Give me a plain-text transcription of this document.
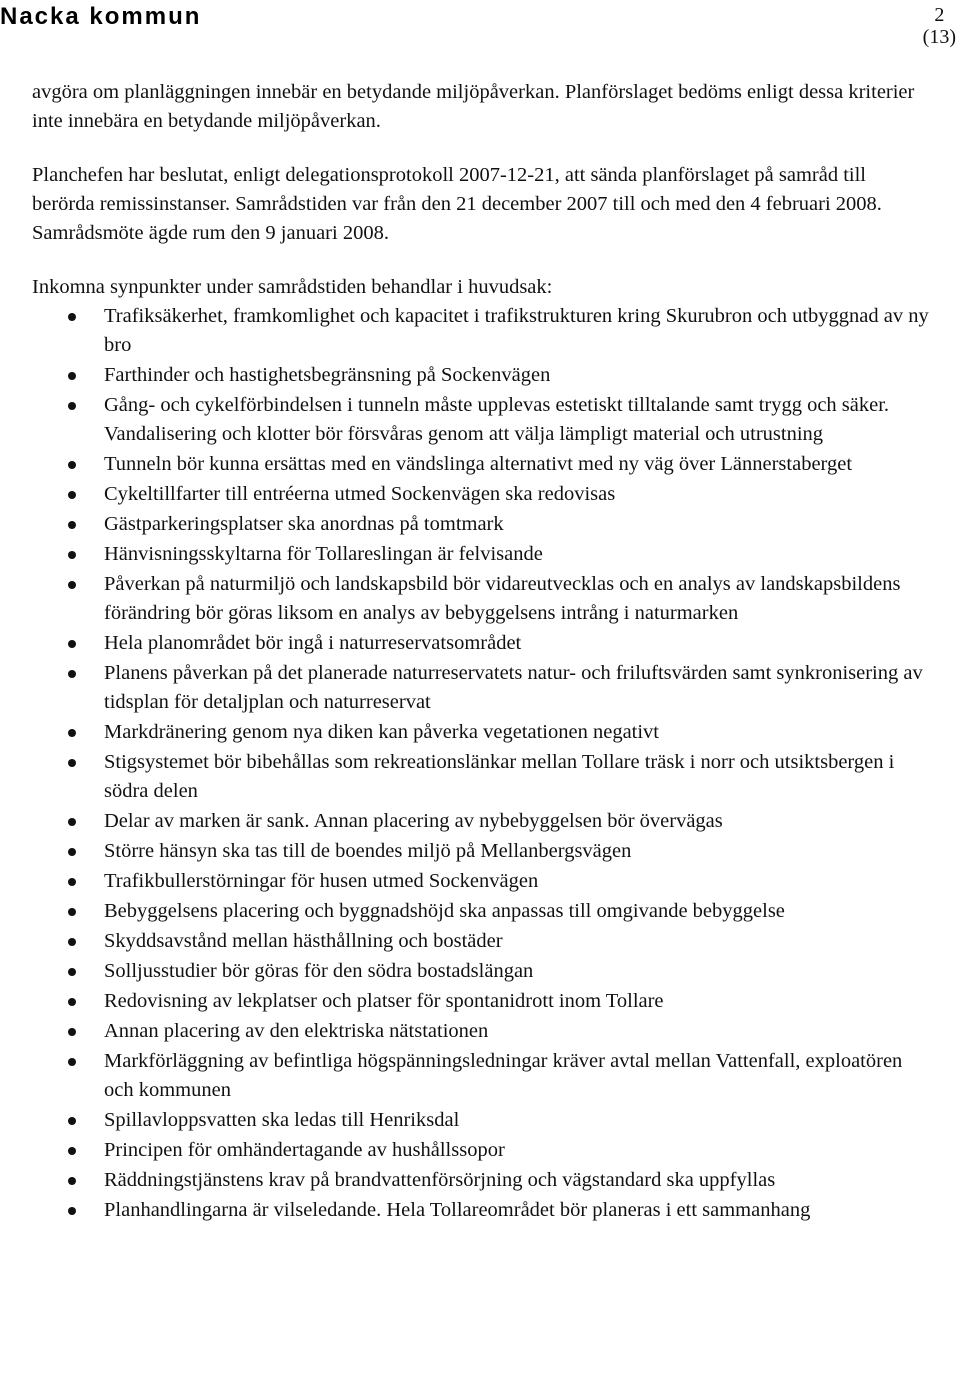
Nacka kommun	2
(13)

avgöra om planläggningen innebär en betydande miljöpåverkan. Planförslaget bedöms enligt dessa kriterier inte innebära en betydande miljöpåverkan.

Planchefen har beslutat, enligt delegationsprotokoll 2007-12-21, att sända planförslaget på samråd till berörda remissinstanser. Samrådstiden var från den 21 december 2007 till och med den 4 februari 2008. Samrådsmöte ägde rum den 9 januari 2008.

Inkomna synpunkter under samrådstiden behandlar i huvudsak:

Trafiksäkerhet, framkomlighet och kapacitet i trafikstrukturen kring Skurubron och utbyggnad av ny bro
Farthinder och hastighetsbegränsning på Sockenvägen
Gång- och cykelförbindelsen i tunneln måste upplevas estetiskt tilltalande samt trygg och säker. Vandalisering och klotter bör försvåras genom att välja lämpligt material och utrustning
Tunneln bör kunna ersättas med en vändslinga alternativt med ny väg över Lännerstaberget
Cykeltillfarter till entréerna utmed Sockenvägen ska redovisas
Gästparkeringsplatser ska anordnas på tomtmark
Hänvisningsskyltarna för Tollareslingan är felvisande
Påverkan på naturmiljö och landskapsbild bör vidareutvecklas och en analys av landskapsbildens förändring bör göras liksom en analys av bebyggelsens intrång i naturmarken
Hela planområdet bör ingå i naturreservatsområdet
Planens påverkan på det planerade naturreservatets natur- och friluftsvärden samt synkronisering av tidsplan för detaljplan och naturreservat
Markdränering genom nya diken kan påverka vegetationen negativt
Stigsystemet bör bibehållas som rekreationslänkar mellan Tollare träsk i norr och utsiktsbergen i södra delen
Delar av marken är sank. Annan placering av nybebyggelsen bör övervägas
Större hänsyn ska tas till de boendes miljö på Mellanbergsvägen
Trafikbullerstörningar för husen utmed Sockenvägen
Bebyggelsens placering och byggnadshöjd ska anpassas till omgivande bebyggelse
Skyddsavstånd mellan hästhållning och bostäder
Solljusstudier bör göras för den södra bostadslängan
Redovisning av lekplatser och platser för spontanidrott inom Tollare
Annan placering av den elektriska nätstationen
Markförläggning av befintliga högspänningsledningar kräver avtal mellan Vattenfall, exploatören och kommunen
Spillavloppsvatten ska ledas till Henriksdal
Principen för omhändertagande av hushållssopor
Räddningstjänstens krav på brandvattenförsörjning och vägstandard ska uppfyllas
Planhandlingarna är vilseledande. Hela Tollareområdet bör planeras i ett sammanhang
